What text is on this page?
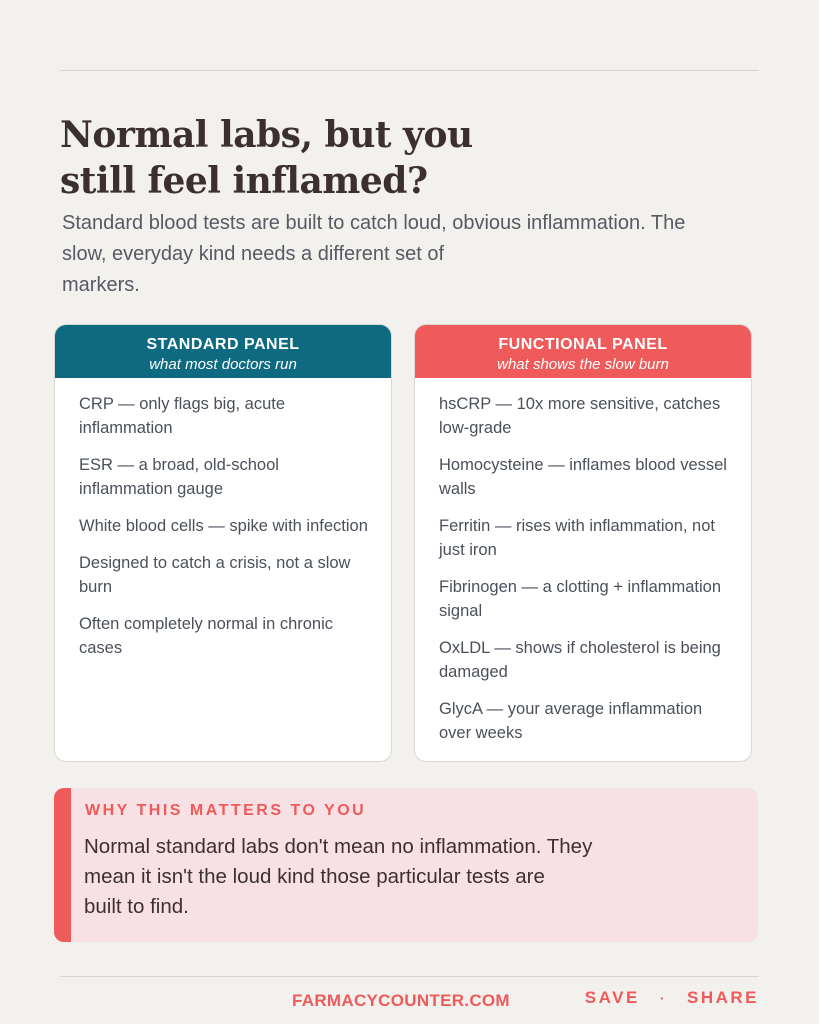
Normal labs, but you
still feel inflamed?

Standard blood tests are built to catch loud, obvious inflammation. The
slow, everyday kind needs a different set of
markers.

STANDARD PANEL
what most doctors run
CRP — only flags big, acute inflammation
ESR — a broad, old-school inflammation gauge
White blood cells — spike with infection
Designed to catch a crisis, not a slow burn
Often completely normal in chronic cases
FUNCTIONAL PANEL
what shows the slow burn
hsCRP — 10x more sensitive, catches low-grade
Homocysteine — inflames blood vessel walls
Ferritin — rises with inflammation, not just iron
Fibrinogen — a clotting + inflammation signal
OxLDL — shows if cholesterol is being damaged
GlycA — your average inflammation over weeks
WHY THIS MATTERS TO YOU

Normal standard labs don't mean no inflammation. They
mean it isn't the loud kind those particular tests are
built to find.

FARMACYCOUNTER.COM	SAVE · SHARE
